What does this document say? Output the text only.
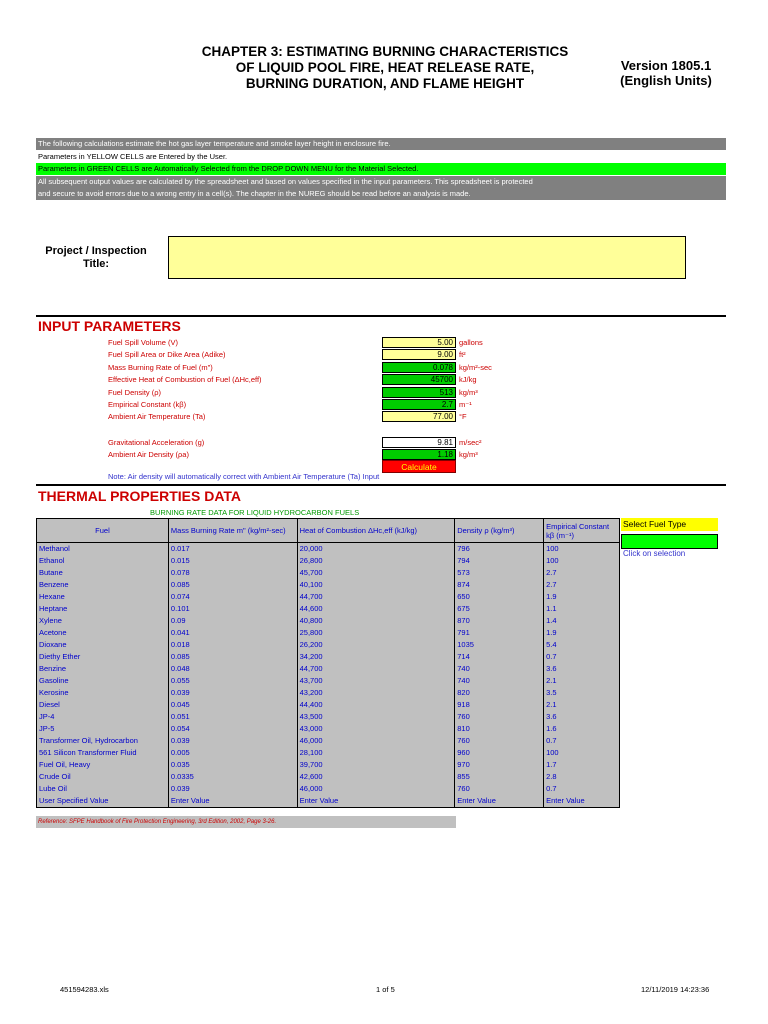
CHAPTER 3: ESTIMATING BURNING CHARACTERISTICS
OF LIQUID POOL FIRE, HEAT RELEASE RATE,
BURNING DURATION, AND FLAME HEIGHT
Version 1805.1
(English Units)
The following calculations estimate the hot gas layer temperature and smoke layer height in enclosure fire.
Parameters in YELLOW CELLS are Entered by the User.
Parameters in GREEN CELLS are Automatically Selected from the DROP DOWN MENU for the Material Selected.
All subsequent output values are calculated by the spreadsheet and based on values specified in the input parameters. This spreadsheet is protected
and secure to avoid errors due to a wrong entry in a cell(s). The chapter in the NUREG should be read before an analysis is made.
Project / Inspection
Title:
INPUT PARAMETERS
Fuel Spill Volume (V)	5.00 gallons
Fuel Spill Area or Dike Area (Adike)	9.00 ft²
Mass Burning Rate of Fuel (m")	0.078 kg/m²-sec
Effective Heat of Combustion of Fuel (ΔHc,eff)	45700 kJ/kg
Fuel Density (ρ)	513 kg/m³
Empirical Constant (kβ)	2.7 m⁻¹
Ambient Air Temperature (Ta)	77.00 °F
Gravitational Acceleration (g)	9.81 m/sec²
Ambient Air Density (ρa)	1.18 kg/m³
Calculate
Note: Air density will automatically correct with Ambient Air Temperature (Ta) Input
THERMAL PROPERTIES DATA
BURNING RATE DATA FOR LIQUID HYDROCARBON FUELS
Fuel	Mass Burning Rate m" (kg/m²-sec)	Heat of Combustion ΔHc,eff (kJ/kg)	Density ρ (kg/m³)	Empirical Constant kβ (m⁻¹)
Methanol	0.017	20,000	796	100
Ethanol	0.015	26,800	794	100
Butane	0.078	45,700	573	2.7
Benzene	0.085	40,100	874	2.7
Hexane	0.074	44,700	650	1.9
Heptane	0.101	44,600	675	1.1
Xylene	0.09	40,800	870	1.4
Acetone	0.041	25,800	791	1.9
Dioxane	0.018	26,200	1035	5.4
Diethy Ether	0.085	34,200	714	0.7
Benzine	0.048	44,700	740	3.6
Gasoline	0.055	43,700	740	2.1
Kerosine	0.039	43,200	820	3.5
Diesel	0.045	44,400	918	2.1
JP-4	0.051	43,500	760	3.6
JP-5	0.054	43,000	810	1.6
Transformer Oil, Hydrocarbon	0.039	46,000	760	0.7
561 Silicon Transformer Fluid	0.005	28,100	960	100
Fuel Oil, Heavy	0.035	39,700	970	1.7
Crude Oil	0.0335	42,600	855	2.8
Lube Oil	0.039	46,000	760	0.7
User Specified Value	Enter Value	Enter Value	Enter Value	Enter Value
Reference: SFPE Handbook of Fire Protection Engineering, 3rd Edition, 2002, Page 3-26.
Select Fuel Type
Click on selection
451594283.xls	1 of 5	12/11/2019 14:23:36
